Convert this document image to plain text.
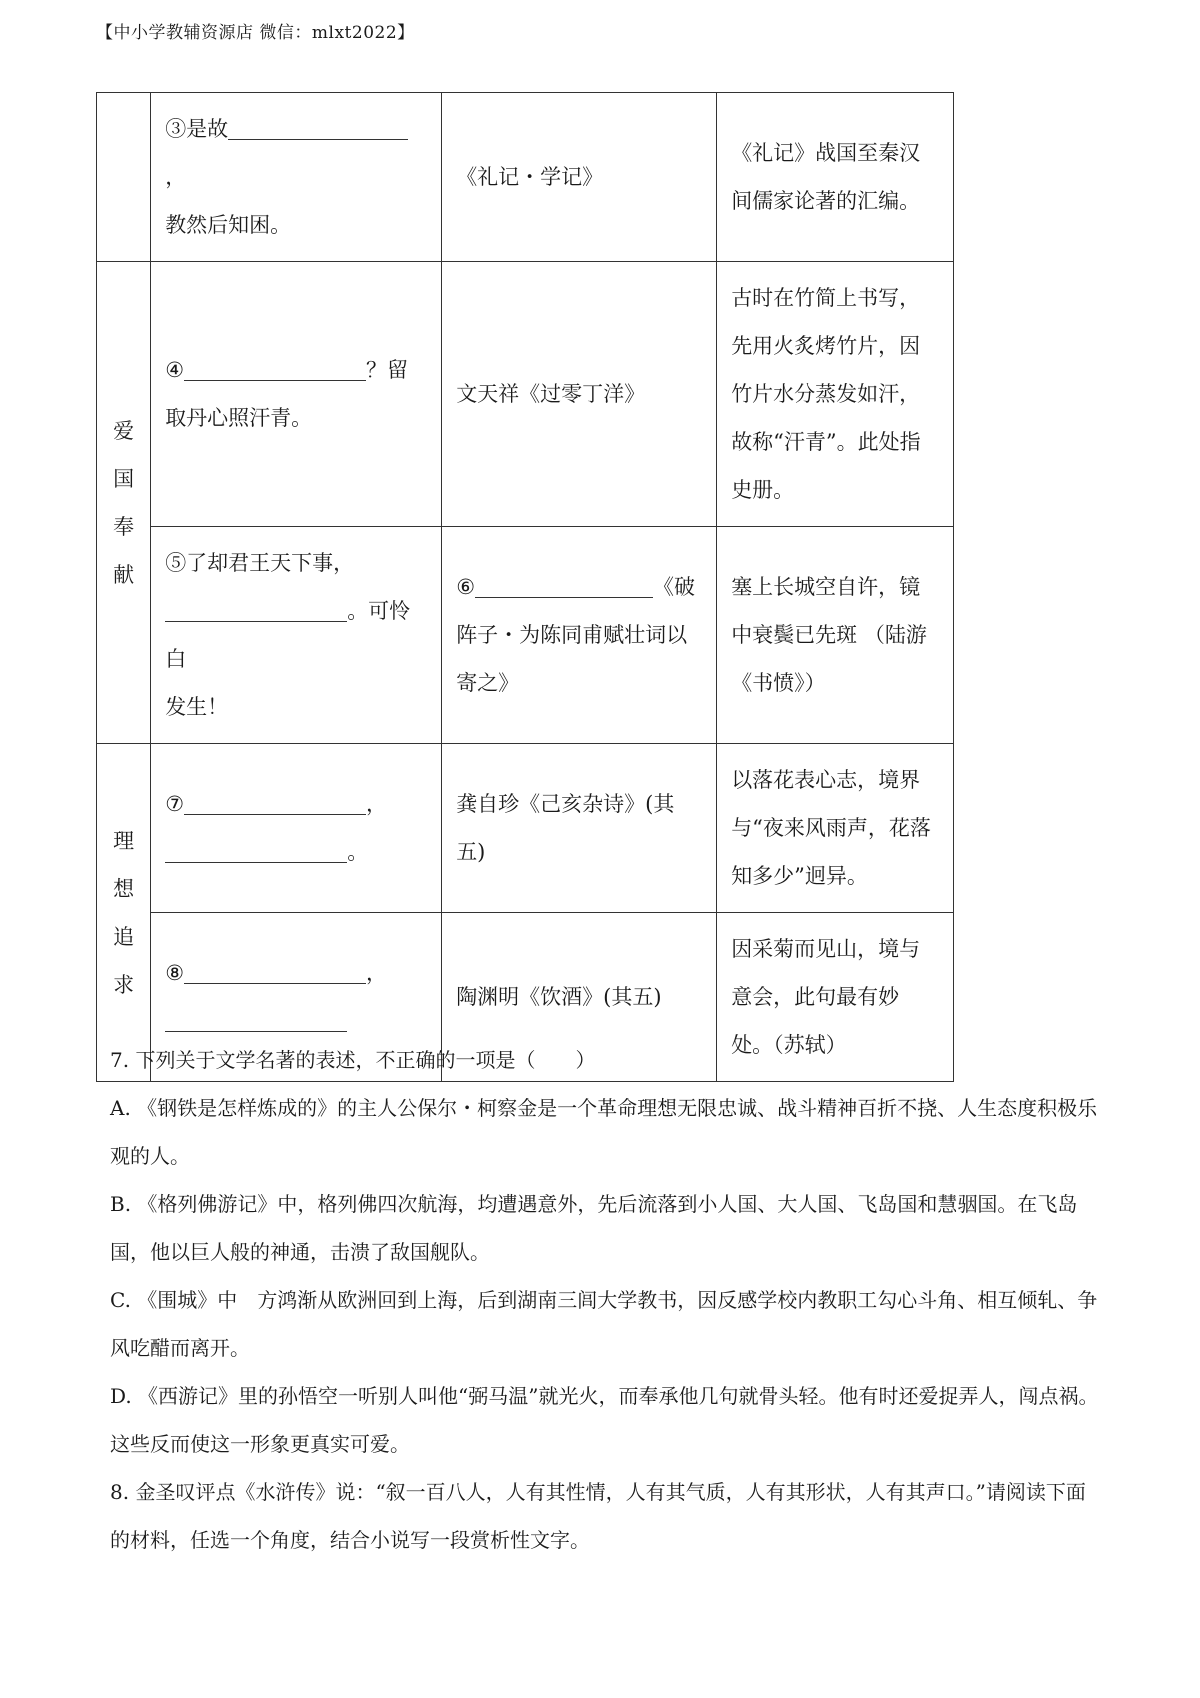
【中小学教辅资源店 微信：mlxt2022】
	③是故，
教然后知困。	《礼记・学记》	《礼记》战国至秦汉间儒家论著的汇编。
爱国奉献	④ ？留
取丹心照汗青。	文天祥《过零丁洋》	古时在竹简上书写，先用火炙烤竹片，因竹片水分蒸发如汗，故称“汗青”。此处指史册。
	⑤了却君王天下事，
。可怜白
发生！	⑥ 《破
阵子・为陈同甫赋壮词以寄之》	塞上长城空自许，镜中衰鬓已先斑 （陆游《书愤》）
理想追求	⑦ ，
。	龚自珍《己亥杂诗》(其五)	以落花表心志，境界与“夜来风雨声，花落知多少”迥异。
	⑧ ，	陶渊明《饮酒》(其五)	因采菊而见山，境与意会，此句最有妙处。（苏轼）

7. 下列关于文学名著的表述，不正确的一项是（　　）

A. 《钢铁是怎样炼成的》的主人公保尔・柯察金是一个革命理想无限忠诚、战斗精神百折不挠、人生态度积极乐观的人。

B. 《格列佛游记》中，格列佛四次航海，均遭遇意外，先后流落到小人国、大人国、飞岛国和慧骃国。在飞岛国，他以巨人般的神通，击溃了敌国舰队。

C. 《围城》中 方鸿渐从欧洲回到上海，后到湖南三闾大学教书，因反感学校内教职工勾心斗角、相互倾轧、争风吃醋而离开。

D. 《西游记》里的孙悟空一听别人叫他“弼马温”就光火，而奉承他几句就骨头轻。他有时还爱捉弄人，闯点祸。这些反而使这一形象更真实可爱。

8. 金圣叹评点《水浒传》说：“叙一百八人，人有其性情，人有其气质，人有其形状，人有其声口。”请阅读下面的材料，任选一个角度，结合小说写一段赏析性文字。
